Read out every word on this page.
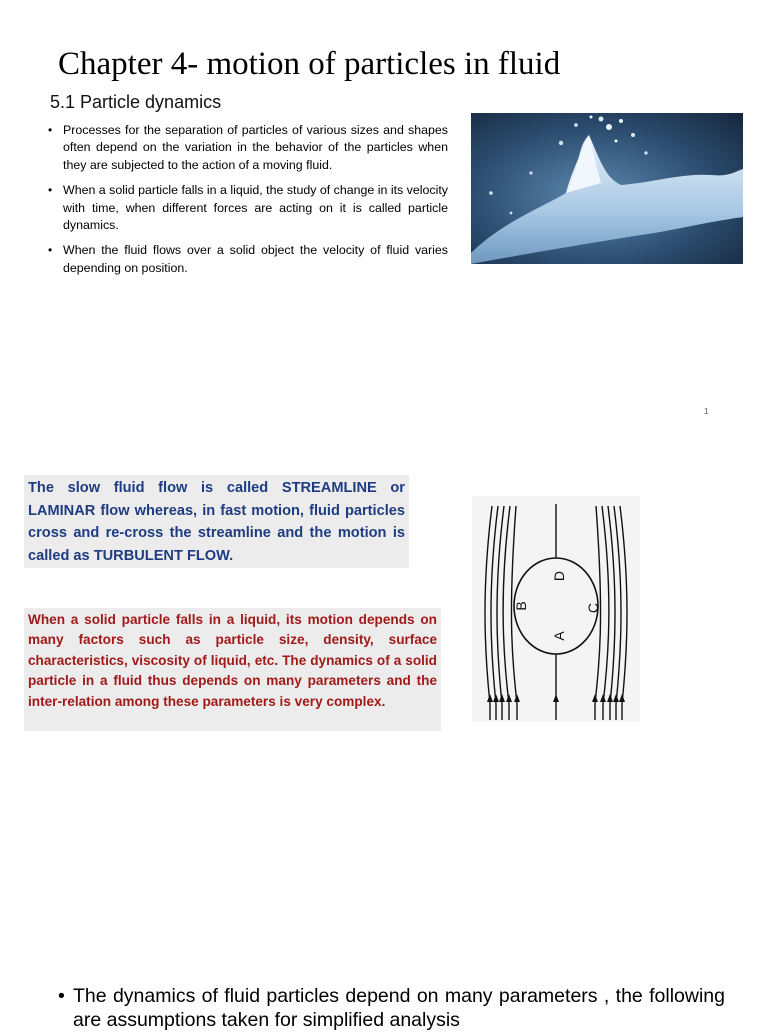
Chapter 4- motion of particles in fluid
5.1 Particle dynamics
• Processes for the separation of particles of various sizes and shapes often depend on the variation in the behavior of the particles when they are subjected to the action of a moving fluid.
• When a solid particle falls in a liquid, the study of change in its velocity with time, when different forces are acting on it is called particle dynamics.
• When the fluid flows over a solid object the velocity of fluid varies depending on position.
1
The slow fluid flow is called STREAMLINE or LAMINAR flow whereas, in fast motion, fluid particles cross and re-cross the streamline and the motion is called as TURBULENT FLOW.
When a solid particle falls in a liquid, its motion depends on many factors such as particle size, density, surface characteristics, viscosity of liquid, etc. The dynamics of a solid particle in a fluid thus depends on many parameters and the inter-relation among these parameters is very complex.
A
B	C
D
• The dynamics of fluid particles depend on many parameters , the following are assumptions taken for simplified analysis
